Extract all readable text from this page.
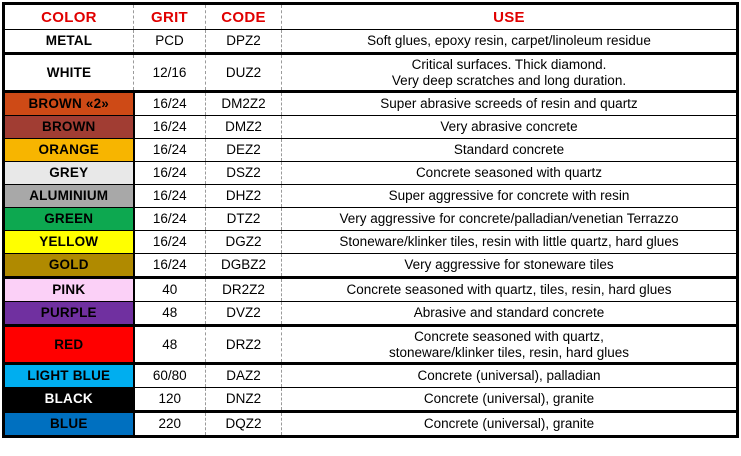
COLOR	GRIT	CODE	USE
METAL	PCD	DPZ2	Soft glues, epoxy resin, carpet/linoleum residue
WHITE	12/16	DUZ2	Critical surfaces. Thick diamond.
Very deep scratches and long duration.
BROWN «2»	16/24	DM2Z2	Super abrasive screeds of resin and quartz
BROWN	16/24	DMZ2	Very abrasive concrete
ORANGE	16/24	DEZ2	Standard concrete
GREY	16/24	DSZ2	Concrete seasoned with quartz
ALUMINIUM	16/24	DHZ2	Super aggressive for concrete with resin
GREEN	16/24	DTZ2	Very aggressive for concrete/palladian/venetian Terrazzo
YELLOW	16/24	DGZ2	Stoneware/klinker tiles, resin with little quartz, hard glues
GOLD	16/24	DGBZ2	Very aggressive for stoneware tiles
PINK	40	DR2Z2	Concrete seasoned with quartz, tiles, resin, hard glues
PURPLE	48	DVZ2	Abrasive and standard concrete
RED	48	DRZ2	Concrete seasoned with quartz,
stoneware/klinker tiles, resin, hard glues
LIGHT BLUE	60/80	DAZ2	Concrete (universal), palladian
BLACK	120	DNZ2	Concrete (universal), granite
BLUE	220	DQZ2	Concrete (universal), granite
